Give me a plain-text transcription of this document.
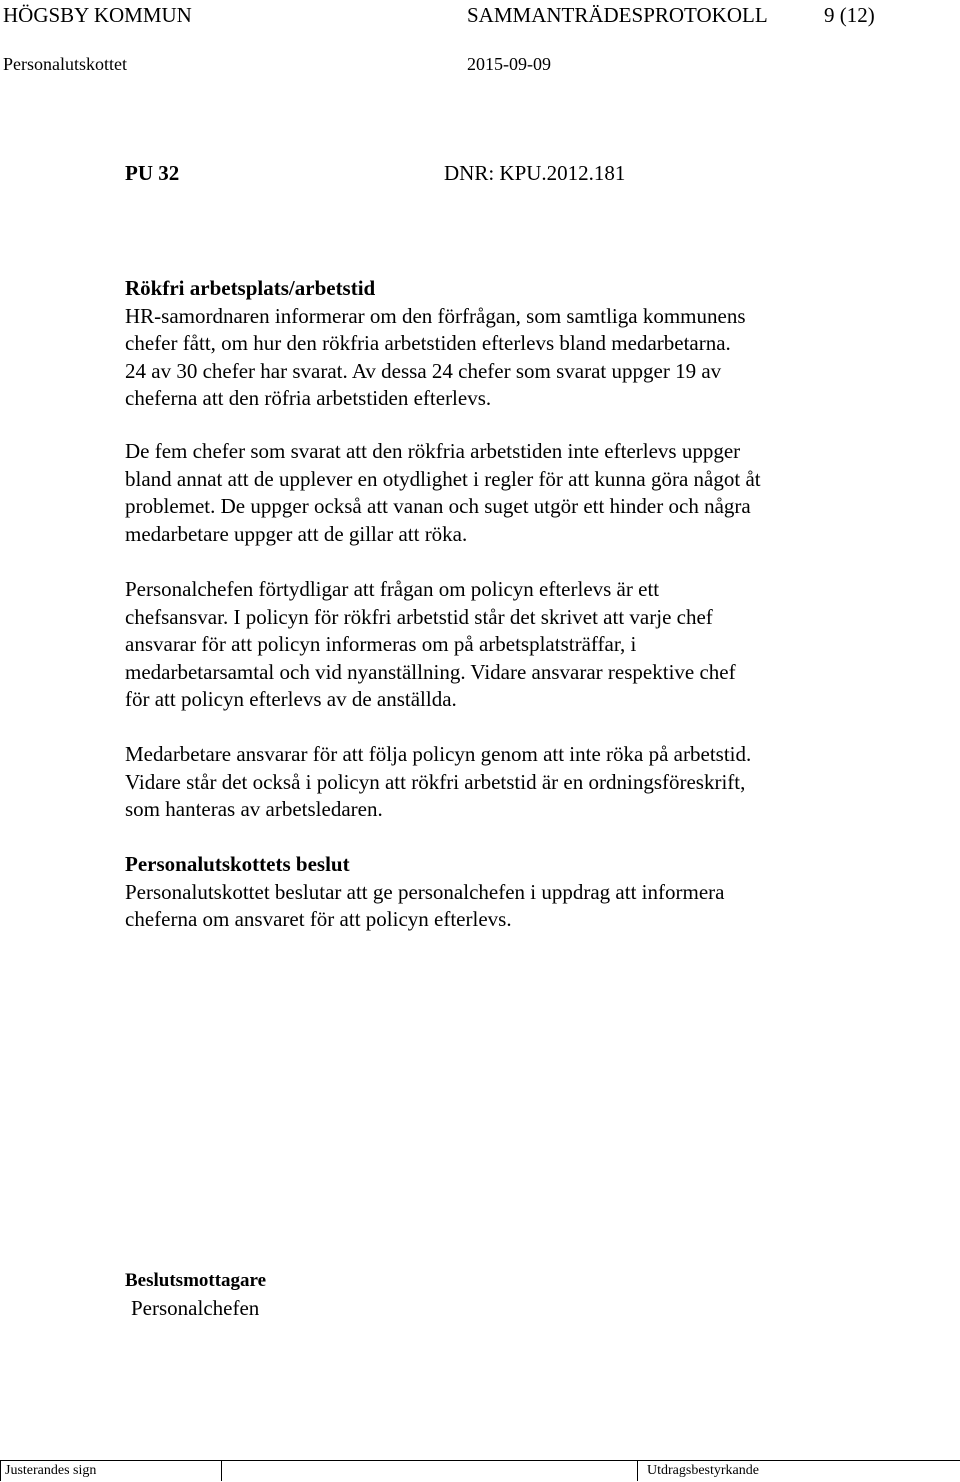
HÖGSBY KOMMUN	SAMMANTRÄDESPROTOKOLL	9 (12)
Personalutskottet	2015-09-09
PU 32	DNR: KPU.2012.181
Rökfri arbetsplats/arbetstid
HR-samordnaren informerar om den förfrågan, som samtliga kommunens
chefer fått, om hur den rökfria arbetstiden efterlevs bland medarbetarna.
24 av 30 chefer har svarat. Av dessa 24 chefer som svarat uppger 19 av
cheferna att den röfria arbetstiden efterlevs.
De fem chefer som svarat att den rökfria arbetstiden inte efterlevs uppger
bland annat att de upplever en otydlighet i regler för att kunna göra något åt
problemet. De uppger också att vanan och suget utgör ett hinder och några
medarbetare uppger att de gillar att röka.
Personalchefen förtydligar att frågan om policyn efterlevs är ett
chefsansvar. I policyn för rökfri arbetstid står det skrivet att varje chef
ansvarar för att policyn informeras om på arbetsplatsträffar, i
medarbetarsamtal och vid nyanställning. Vidare ansvarar respektive chef
för att policyn efterlevs av de anställda.
Medarbetare ansvarar för att följa policyn genom att inte röka på arbetstid.
Vidare står det också i policyn att rökfri arbetstid är en ordningsföreskrift,
som hanteras av arbetsledaren.
Personalutskottets beslut
Personalutskottet beslutar att ge personalchefen i uppdrag att informera
cheferna om ansvaret för att policyn efterlevs.
Beslutsmottagare
Personalchefen
Justerandes sign	Utdragsbestyrkande
